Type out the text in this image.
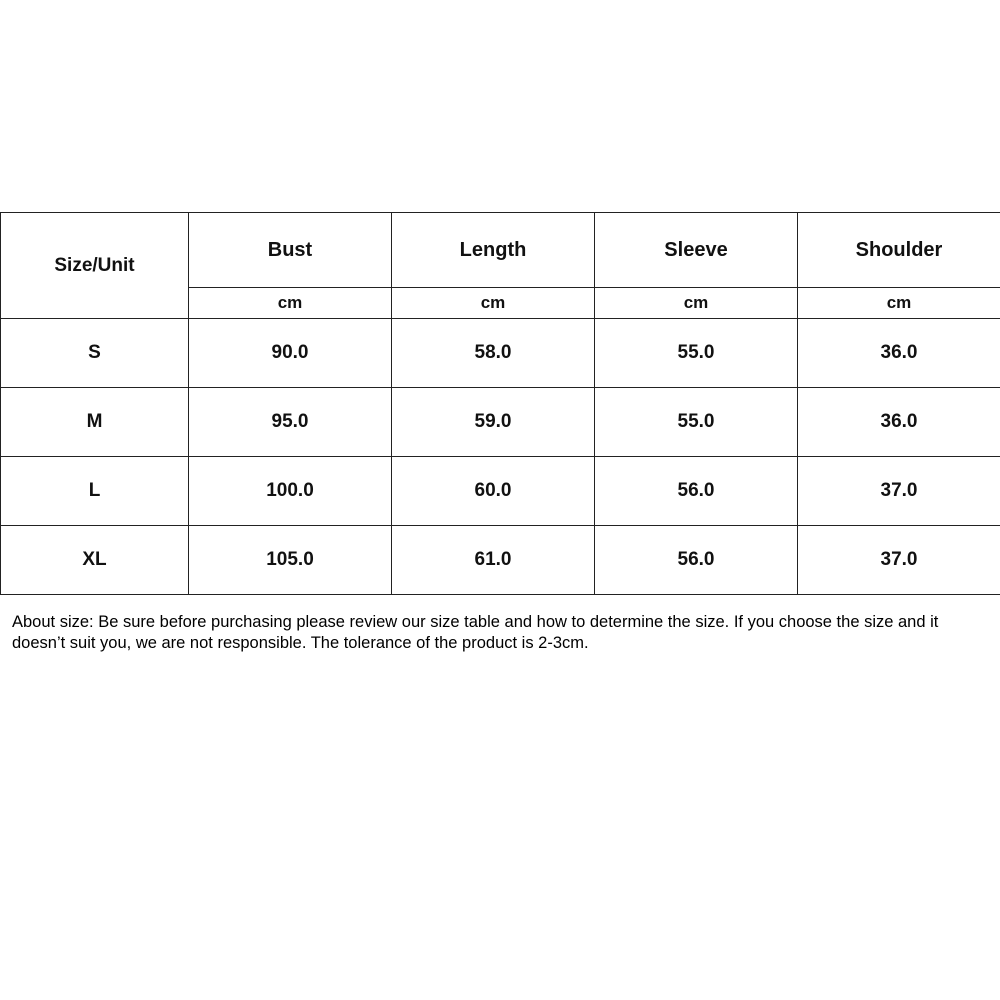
Size/Unit	Bust	Length	Sleeve	Shoulder
	cm	cm	cm	cm
S	90.0	58.0	55.0	36.0
M	95.0	59.0	55.0	36.0
L	100.0	60.0	56.0	37.0
XL	105.0	61.0	56.0	37.0

About size: Be sure before purchasing please review our size table and how to determine the size. If you choose the size and it doesn’t suit you, we are not responsible. The tolerance of the product is 2-3cm.
